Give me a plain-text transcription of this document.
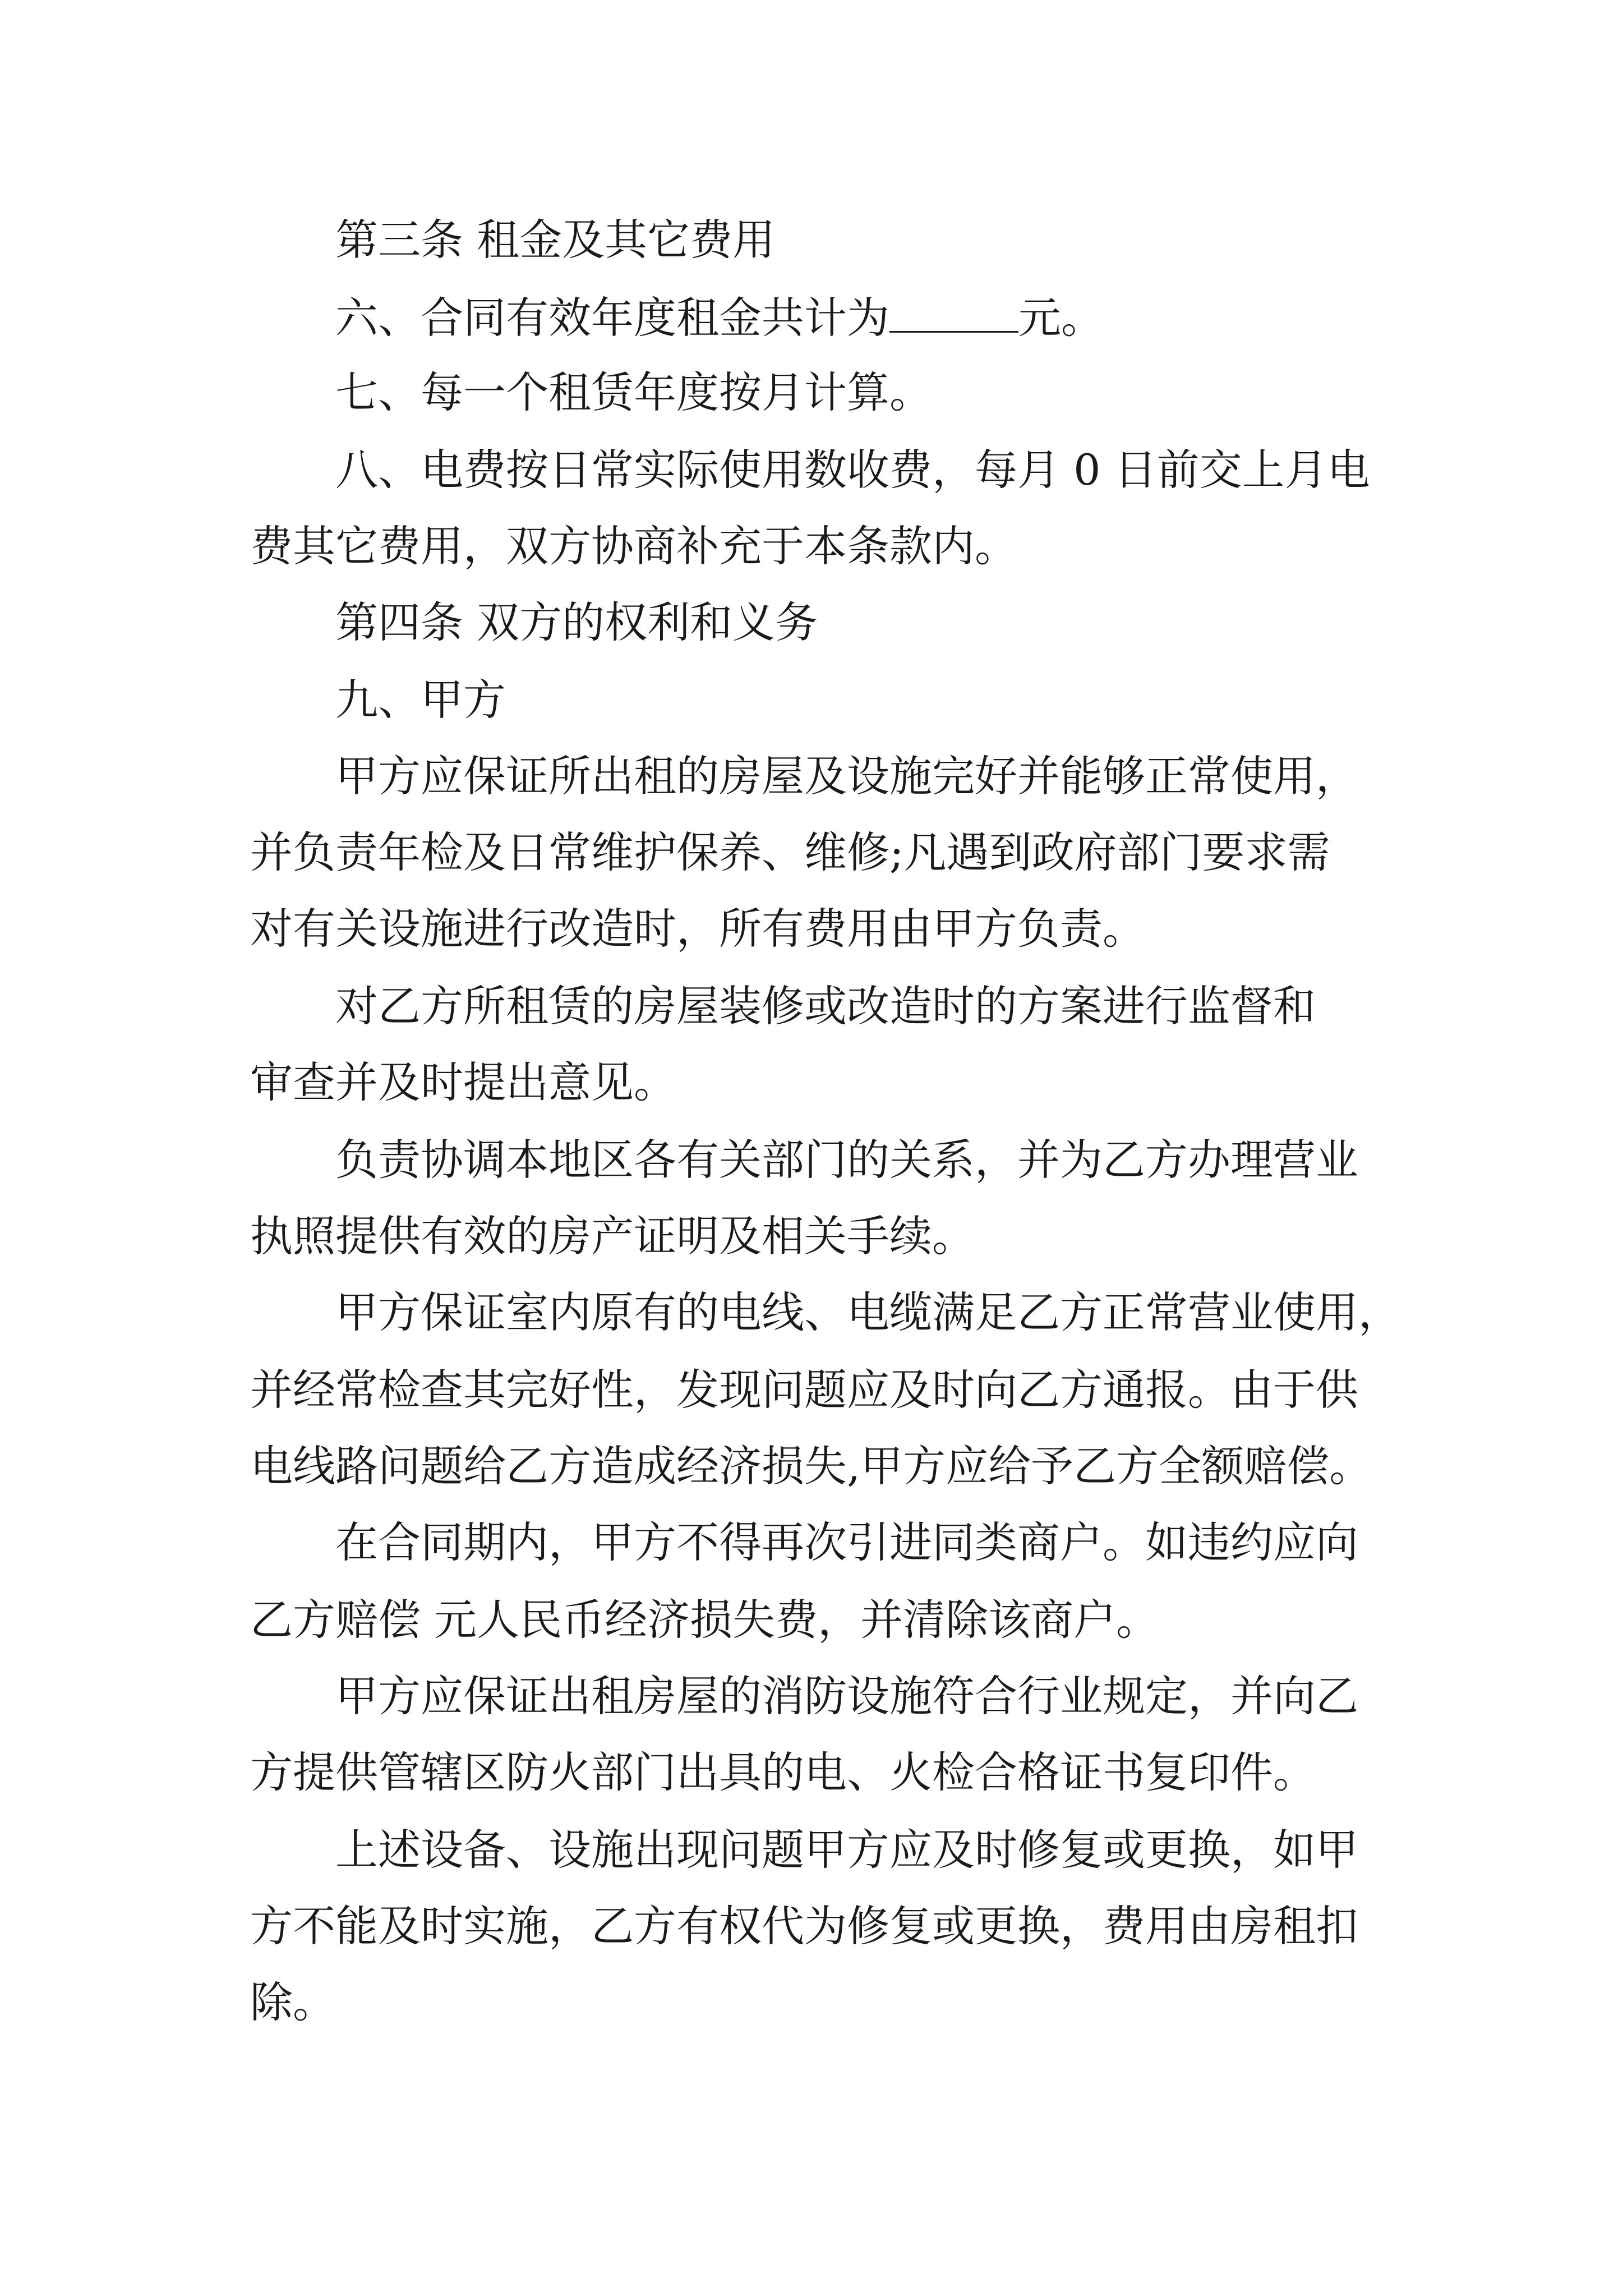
第三条 租金及其它费用
六、合同有效年度租金共计为	元。
七、每一个租赁年度按月计算。
八、电费按日常实际使用数收费，每月 0 日前交上月电
费其它费用，双方协商补充于本条款内。
第四条 双方的权利和义务
九、甲方
甲方应保证所出租的房屋及设施完好并能够正常使用，
并负责年检及日常维护保养、维修;凡遇到政府部门要求需
对有关设施进行改造时，所有费用由甲方负责。
对乙方所租赁的房屋装修或改造时的方案进行监督和
审查并及时提出意见。
负责协调本地区各有关部门的关系，并为乙方办理营业
执照提供有效的房产证明及相关手续。
甲方保证室内原有的电线、电缆满足乙方正常营业使用，
并经常检查其完好性，发现问题应及时向乙方通报。由于供
电线路问题给乙方造成经济损失,甲方应给予乙方全额赔偿。
在合同期内，甲方不得再次引进同类商户。如违约应向
乙方赔偿 元人民币经济损失费，并清除该商户。
甲方应保证出租房屋的消防设施符合行业规定，并向乙
方提供管辖区防火部门出具的电、火检合格证书复印件。
上述设备、设施出现问题甲方应及时修复或更换，如甲
方不能及时实施，乙方有权代为修复或更换，费用由房租扣
除。
